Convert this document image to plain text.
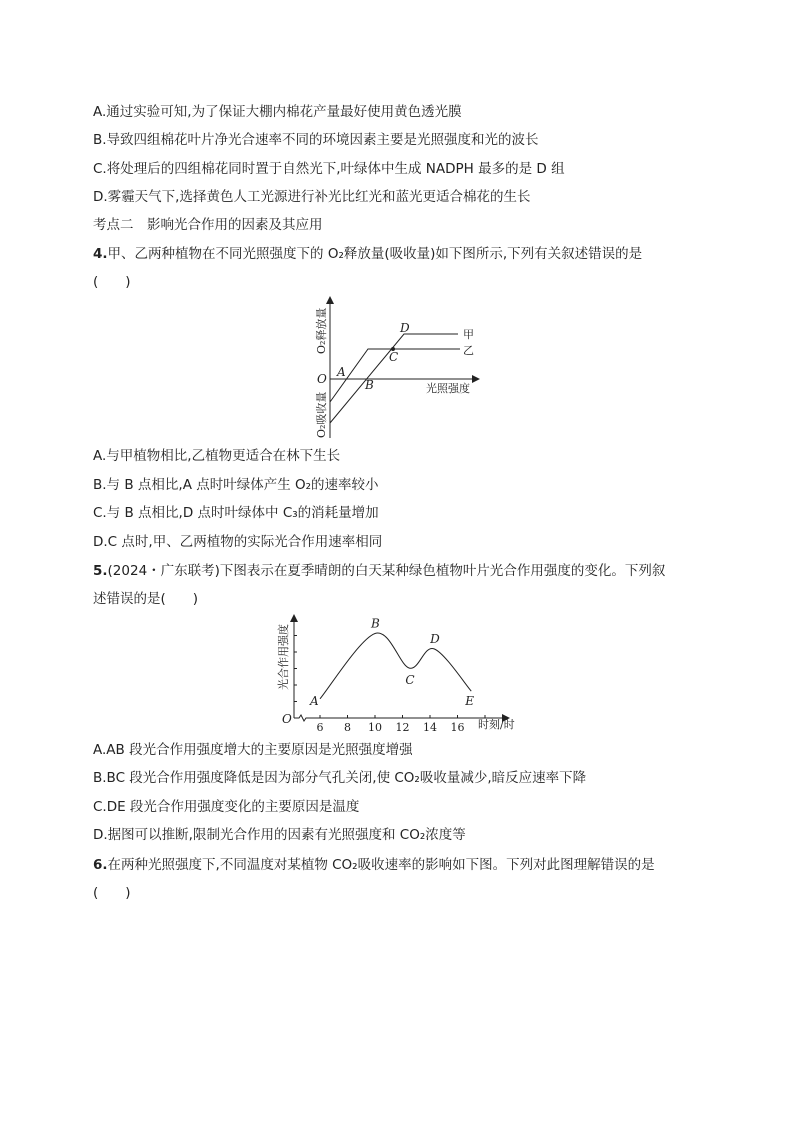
A.通过实验可知,为了保证大棚内棉花产量最好使用黄色透光膜
B.导致四组棉花叶片净光合速率不同的环境因素主要是光照强度和光的波长
C.将处理后的四组棉花同时置于自然光下,叶绿体中生成 NADPH 最多的是 D 组
D.雾霾天气下,选择黄色人工光源进行补光比红光和蓝光更适合棉花的生长
考点二　影响光合作用的因素及其应用
4.甲、乙两种植物在不同光照强度下的 O₂释放量(吸收量)如下图所示,下列有关叙述错误的是
(　　)
O₂释放量
O₂吸收量
O A
B
C
D	甲
乙
光照强度
A.与甲植物相比,乙植物更适合在林下生长
B.与 B 点相比,A 点时叶绿体产生 O₂的速率较小
C.与 B 点相比,D 点时叶绿体中 C₃的消耗量增加
D.C 点时,甲、乙两植物的实际光合作用速率相同
5.(2024・广东联考)下图表示在夏季晴朗的白天某种绿色植物叶片光合作用强度的变化。下列叙
述错误的是(　　)
6 8 10 12 14 16
A
B
C
D
E
光合作用强度
O	时刻/时
A.AB 段光合作用强度增大的主要原因是光照强度增强
B.BC 段光合作用强度降低是因为部分气孔关闭,使 CO₂吸收量减少,暗反应速率下降
C.DE 段光合作用强度变化的主要原因是温度
D.据图可以推断,限制光合作用的因素有光照强度和 CO₂浓度等
6.在两种光照强度下,不同温度对某植物 CO₂吸收速率的影响如下图。下列对此图理解错误的是
(　　)
